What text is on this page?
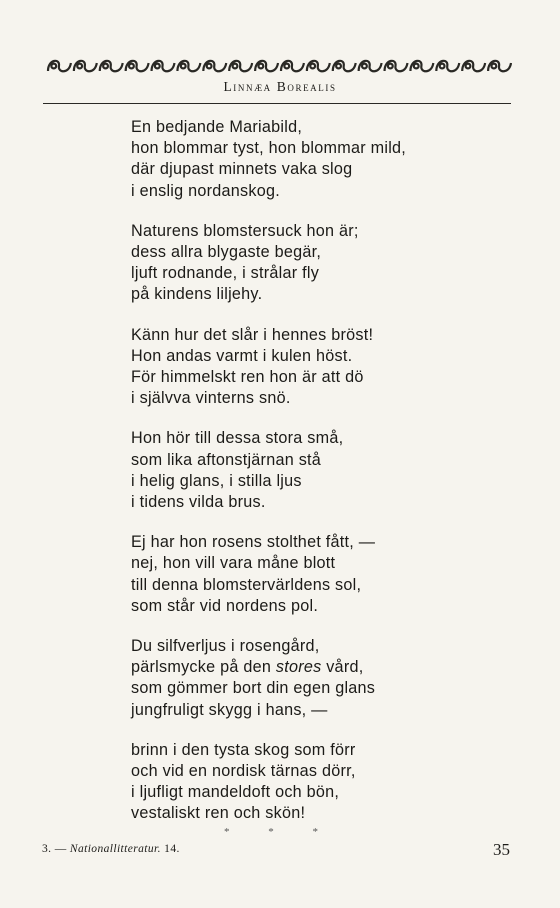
Linnæa Borealis
En bedjande Mariabild,
hon blommar tyst, hon blommar mild,
där djupast minnets vaka slog
i enslig nordanskog.
Naturens blomstersuck hon är;
dess allra blygaste begär,
ljuft rodnande, i strålar fly
på kindens liljehy.
Känn hur det slår i hennes bröst!
Hon andas varmt i kulen höst.
För himmelskt ren hon är att dö
i självva vinterns snö.
Hon hör till dessa stora små,
som lika aftonstjärnan stå
i helig glans, i stilla ljus
i tidens vilda brus.
Ej har hon rosens stolthet fått, —
nej, hon vill vara måne blott
till denna blomstervärldens sol,
som står vid nordens pol.
Du silfverljus i rosengård,
pärlsmycke på den stores vård,
som gömmer bort din egen glans
jungfruligt skygg i hans, —
brinn i den tysta skog som förr
och vid en nordisk tärnas dörr,
i ljufligt mandeldoft och bön,
vestaliskt ren och skön!
* * *
3. — Nationallitteratur. 14.	35
